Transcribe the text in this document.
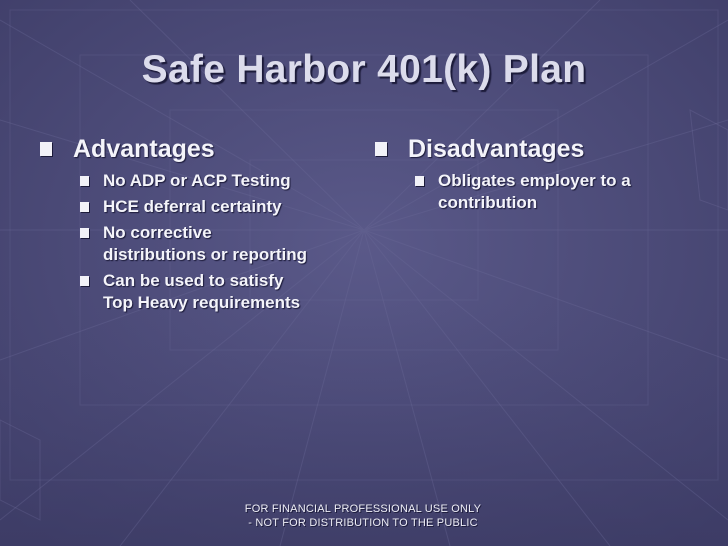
Safe Harbor 401(k) Plan
Advantages
No ADP or ACP Testing
HCE deferral certainty
No corrective
distributions or reporting
Can be used to satisfy
Top Heavy requirements
Disadvantages
Obligates employer to a
contribution
FOR FINANCIAL PROFESSIONAL USE ONLY
- NOT FOR DISTRIBUTION TO THE PUBLIC
